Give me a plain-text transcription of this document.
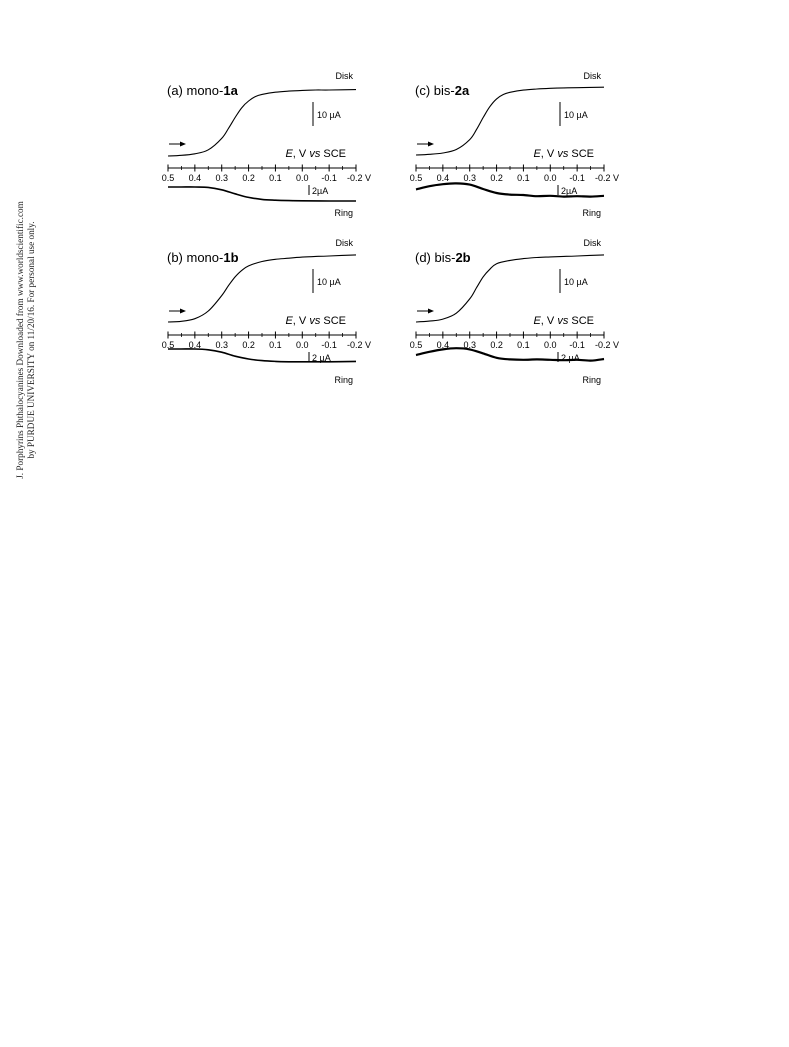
J. Porphyrins Phthalocyanines Downloaded from www.worldscientific.com by PURDUE UNIVERSITY on 11/20/16. For personal use only.
0.5 0.4 0.3 0.2 0.1 0.0 -0.1 -0.2 V
(a) mono-1a
Disk
Ring
10 µA
2µA
E, V vs SCE
0.5 0.4 0.3 0.2 0.1 0.0 -0.1 -0.2 V
(c) bis-2a
Disk
Ring
10 µA
2µA
E, V vs SCE
0.5 0.4 0.3 0.2 0.1 0.0 -0.1 -0.2 V
(b) mono-1b
Disk
Ring
10 µA
2 µA
E, V vs SCE
0.5 0.4 0.3 0.2 0.1 0.0 -0.1 -0.2 V
(d) bis-2b
Disk
Ring
10 µA
2 µA
E, V vs SCE
